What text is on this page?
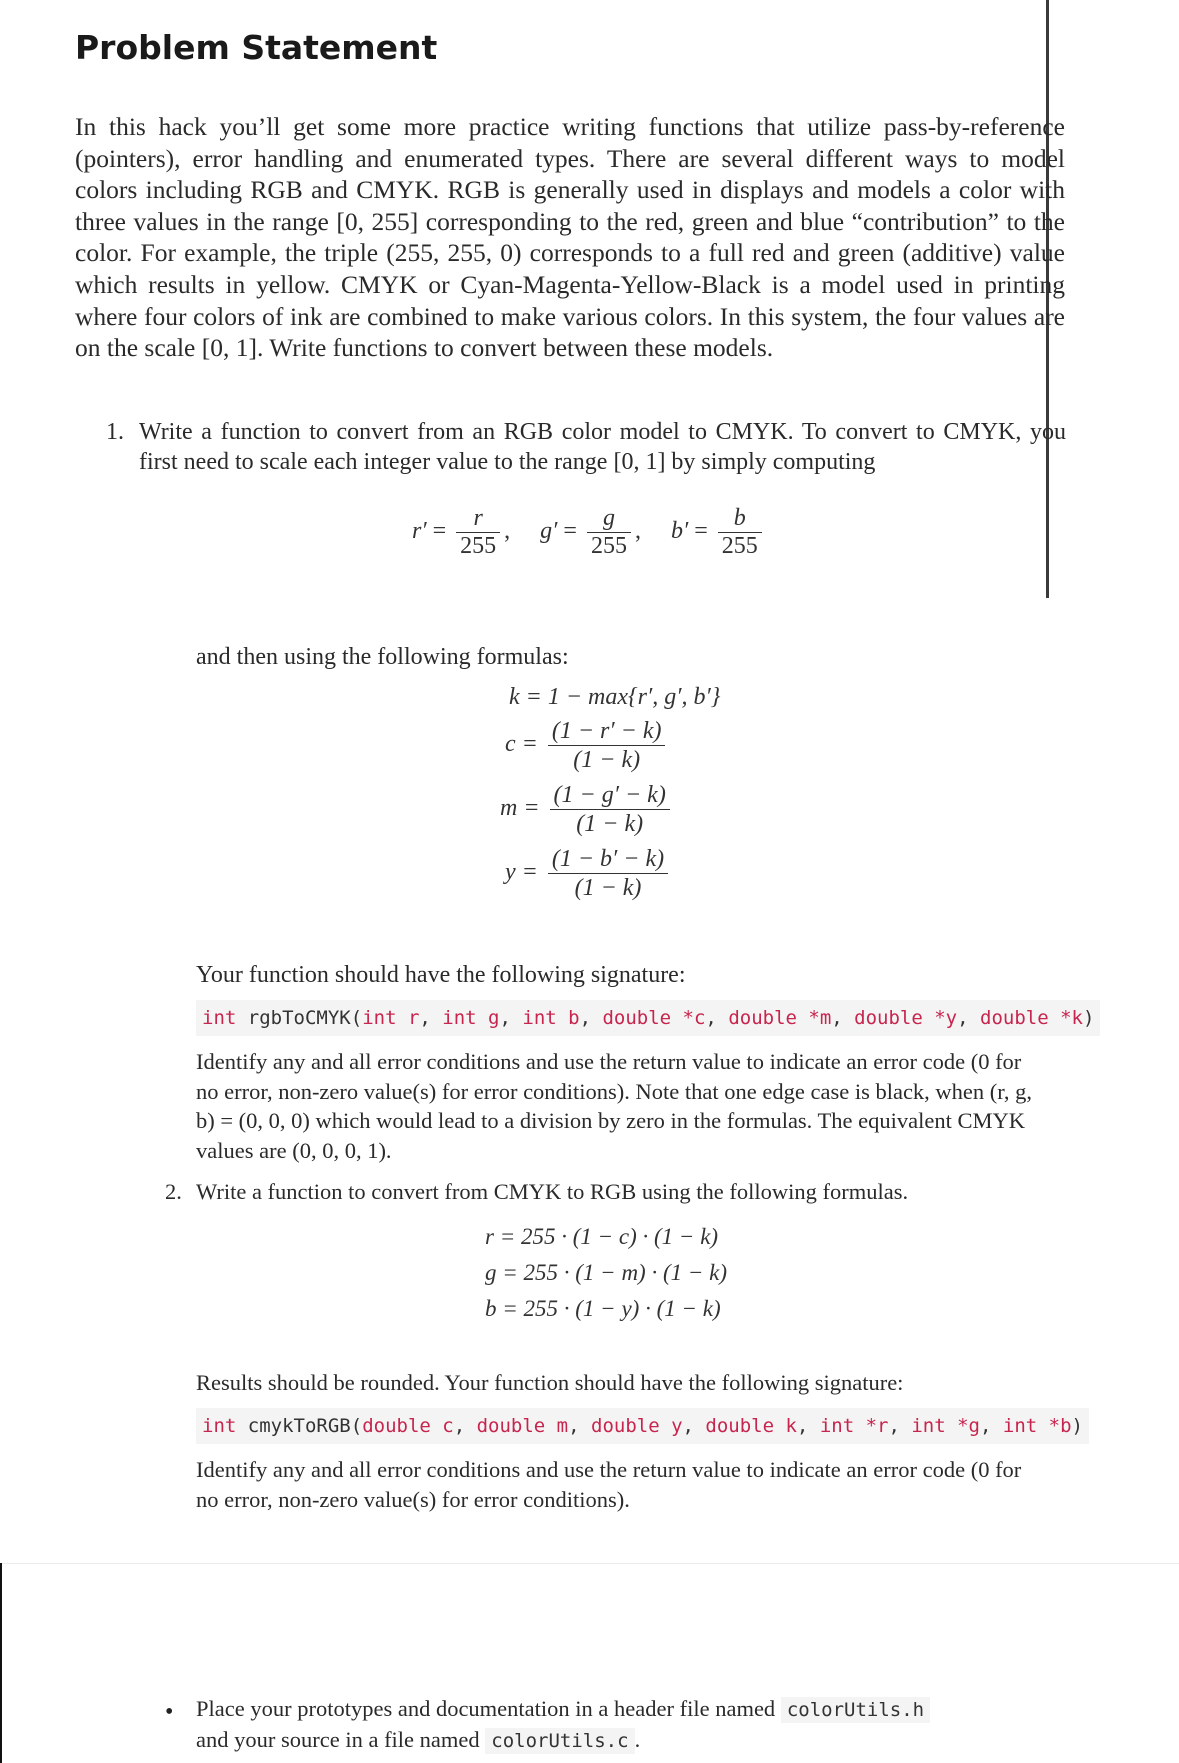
Problem Statement
In this hack you’ll get some more practice writing functions that utilize pass-by-reference (pointers), error handling and enumerated types. There are several different ways to model colors including RGB and CMYK. RGB is generally used in displays and models a color with three values in the range [0, 255] corresponding to the red, green and blue “contribution” to the color. For example, the triple (255, 255, 0) corresponds to a full red and green (additive) value which results in yellow. CMYK or Cyan-Magenta-Yellow-Black is a model used in printing where four colors of ink are combined to make various colors. In this system, the four values are on the scale [0, 1]. Write functions to convert between these models.
1. Write a function to convert from an RGB color model to CMYK. To convert to CMYK, you first need to scale each integer value to the range [0, 1] by simply computing
$r' = \frac{r}{255}$ , $g' = \frac{g}{255}$ , $b' = \frac{b}{255}$
and then using the following formulas:
k = 1 − max{r′, g′, b′}
$c = \frac{(1 - r' - k)}{(1 - k)}$
$m = \frac{(1 - g' - k)}{(1 - k)}$
$y = \frac{(1 - b' - k)}{(1 - k)}$
Your function should have the following signature:
int rgbToCMYK(int r, int g, int b, double *c, double *m, double *y, double *k)
Identify any and all error conditions and use the return value to indicate an error code (0 for no error, non-zero value(s) for error conditions). Note that one edge case is black, when (r, g, b) = (0, 0, 0) which would lead to a division by zero in the formulas. The equivalent CMYK values are (0, 0, 0, 1).
2. Write a function to convert from CMYK to RGB using the following formulas.
r = 255 · (1 − c) · (1 − k)
g = 255 · (1 − m) · (1 − k)
b = 255 · (1 − y) · (1 − k)
Results should be rounded. Your function should have the following signature:
int cmykToRGB(double c, double m, double y, double k, int *r, int *g, int *b)
Identify any and all error conditions and use the return value to indicate an error code (0 for no error, non-zero value(s) for error conditions).
•	Place your prototypes and documentation in a header file named colorUtils.h
and your source in a file named colorUtils.c .
